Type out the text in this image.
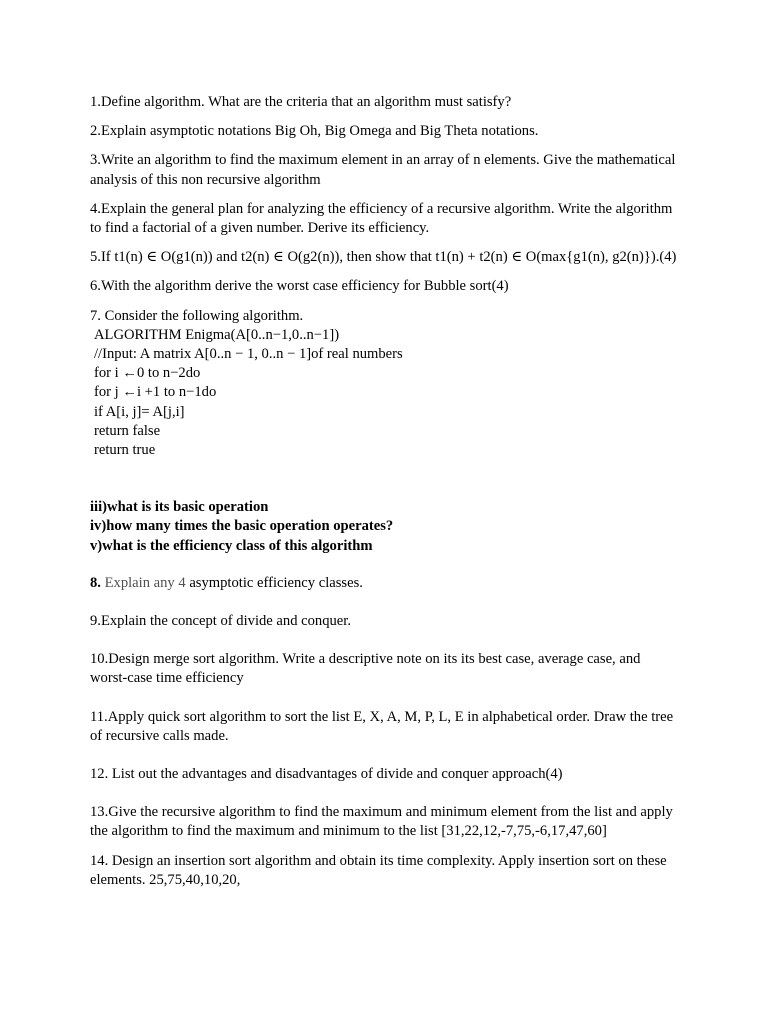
1.Define algorithm. What are the criteria that an algorithm must satisfy?

2.Explain asymptotic notations Big Oh, Big Omega and Big Theta notations.

3.Write an algorithm to find the maximum element in an array of n elements. Give the mathematical analysis of this non recursive algorithm

4.Explain the general plan for analyzing the efficiency of a recursive algorithm. Write the algorithm to find a factorial of a given number. Derive its efficiency.

5.If t1(n) ∈ O(g1(n)) and t2(n) ∈ O(g2(n)), then show that t1(n) + t2(n) ∈ O(max{g1(n), g2(n)}).(4)

6.With the algorithm derive the worst case efficiency for Bubble sort(4)

7. Consider the following algorithm.

ALGORITHM Enigma(A[0..n−1,0..n−1])

//Input: A matrix A[0..n − 1, 0..n − 1]of real numbers

for i ←0 to n−2do

for j ←i +1 to n−1do

if A[i, j]= A[j,i]

return false

return true

iii)what is its basic operation

iv)how many times the basic operation operates?

v)what is the efficiency class of this algorithm

8. Explain any 4 asymptotic efficiency classes.

9.Explain the concept of divide and conquer.

10.Design merge sort algorithm. Write a descriptive note on its its best case, average case, and worst-case time efficiency

11.Apply quick sort algorithm to sort the list E, X, A, M, P, L, E in alphabetical order. Draw the tree of recursive calls made.

12. List out the advantages and disadvantages of divide and conquer approach(4)

13.Give the recursive algorithm to find the maximum and minimum element from the list and apply the algorithm to find the maximum and minimum to the list [31,22,12,-7,75,-6,17,47,60]

14. Design an insertion sort algorithm and obtain its time complexity. Apply insertion sort on these elements. 25,75,40,10,20,
